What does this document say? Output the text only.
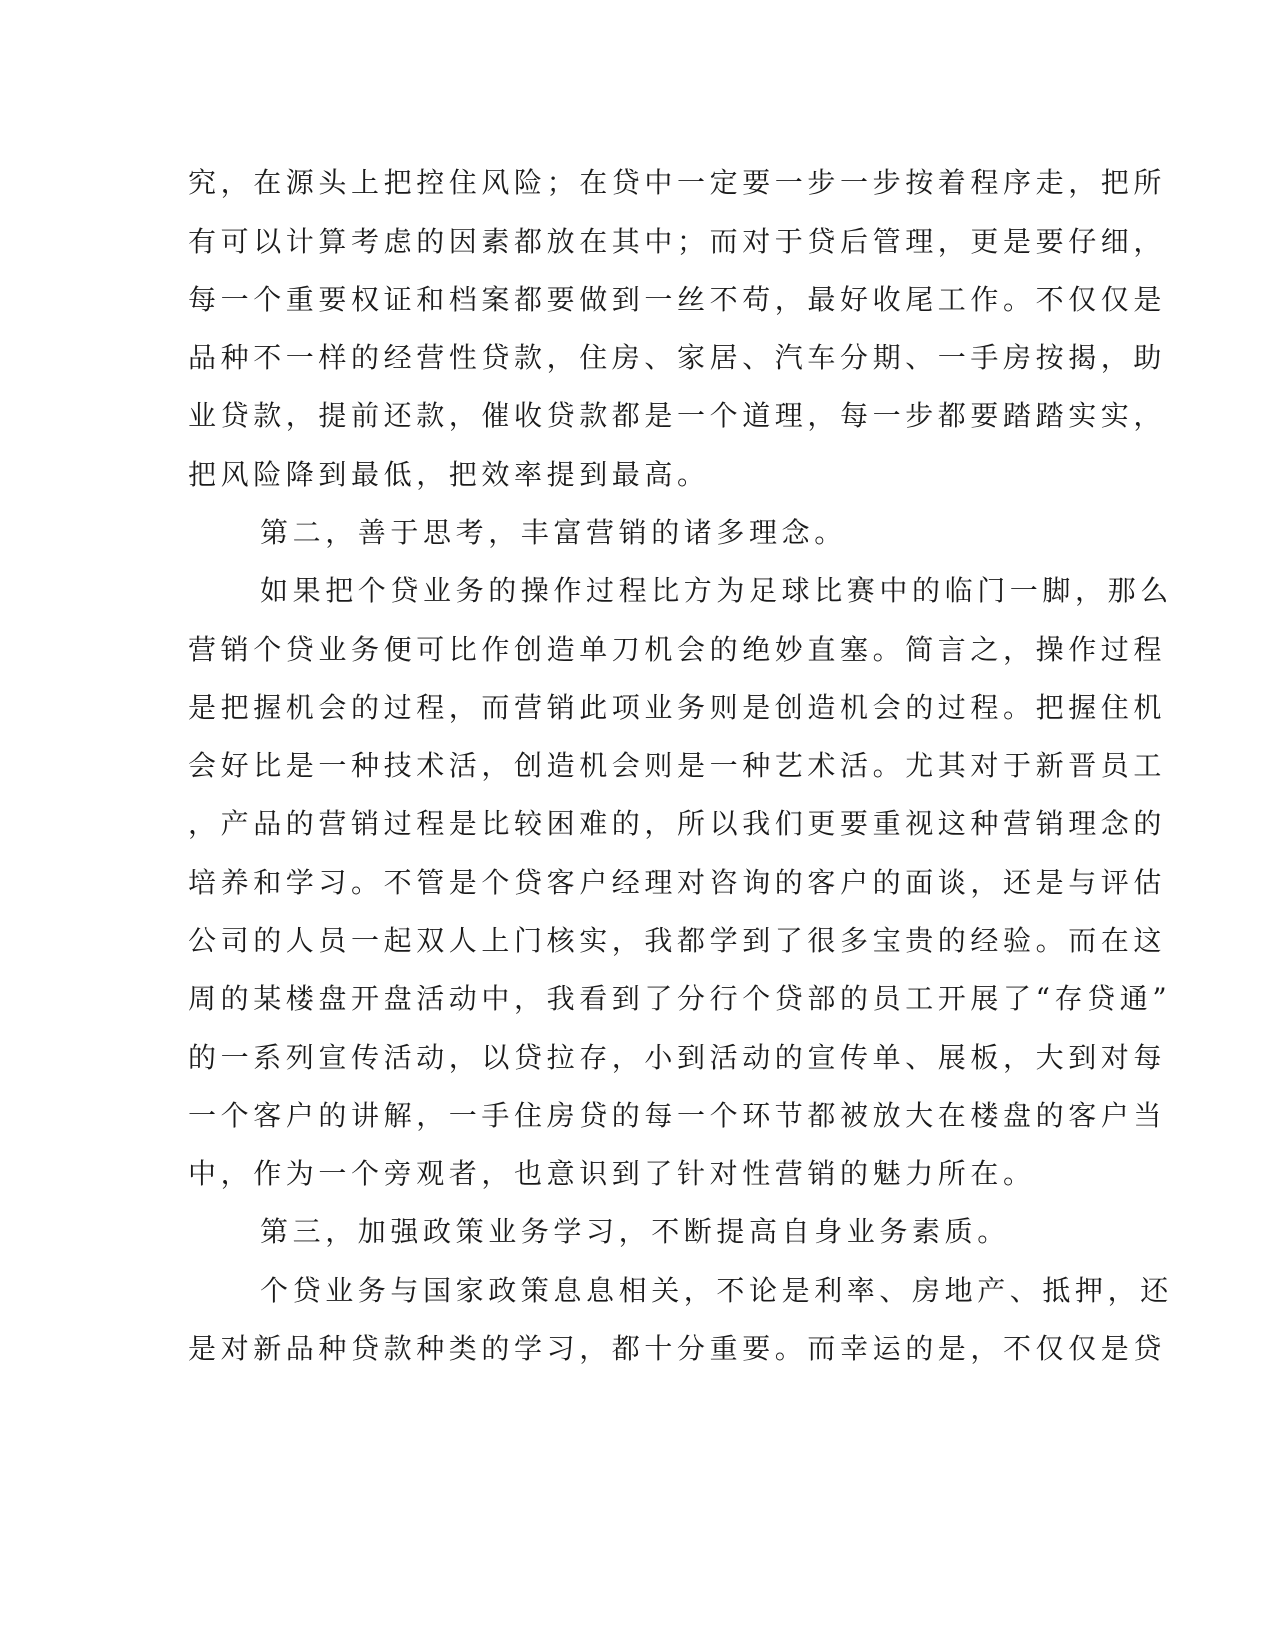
究，在源头上把控住风险；在贷中一定要一步一步按着程序走，把所
有可以计算考虑的因素都放在其中；而对于贷后管理，更是要仔细，
每一个重要权证和档案都要做到一丝不苟，最好收尾工作。不仅仅是
品种不一样的经营性贷款，住房、家居、汽车分期、一手房按揭，助
业贷款，提前还款，催收贷款都是一个道理，每一步都要踏踏实实，
把风险降到最低，把效率提到最高。
第二，善于思考，丰富营销的诸多理念。
如果把个贷业务的操作过程比方为足球比赛中的临门一脚，那么
营销个贷业务便可比作创造单刀机会的绝妙直塞。简言之，操作过程
是把握机会的过程，而营销此项业务则是创造机会的过程。把握住机
会好比是一种技术活，创造机会则是一种艺术活。尤其对于新晋员工
，产品的营销过程是比较困难的，所以我们更要重视这种营销理念的
培养和学习。不管是个贷客户经理对咨询的客户的面谈，还是与评估
公司的人员一起双人上门核实，我都学到了很多宝贵的经验。而在这
周的某楼盘开盘活动中，我看到了分行个贷部的员工开展了“存贷通”
的一系列宣传活动，以贷拉存，小到活动的宣传单、展板，大到对每
一个客户的讲解，一手住房贷的每一个环节都被放大在楼盘的客户当
中，作为一个旁观者，也意识到了针对性营销的魅力所在。
第三，加强政策业务学习，不断提高自身业务素质。
个贷业务与国家政策息息相关，不论是利率、房地产、抵押，还
是对新品种贷款种类的学习，都十分重要。而幸运的是，不仅仅是贷
